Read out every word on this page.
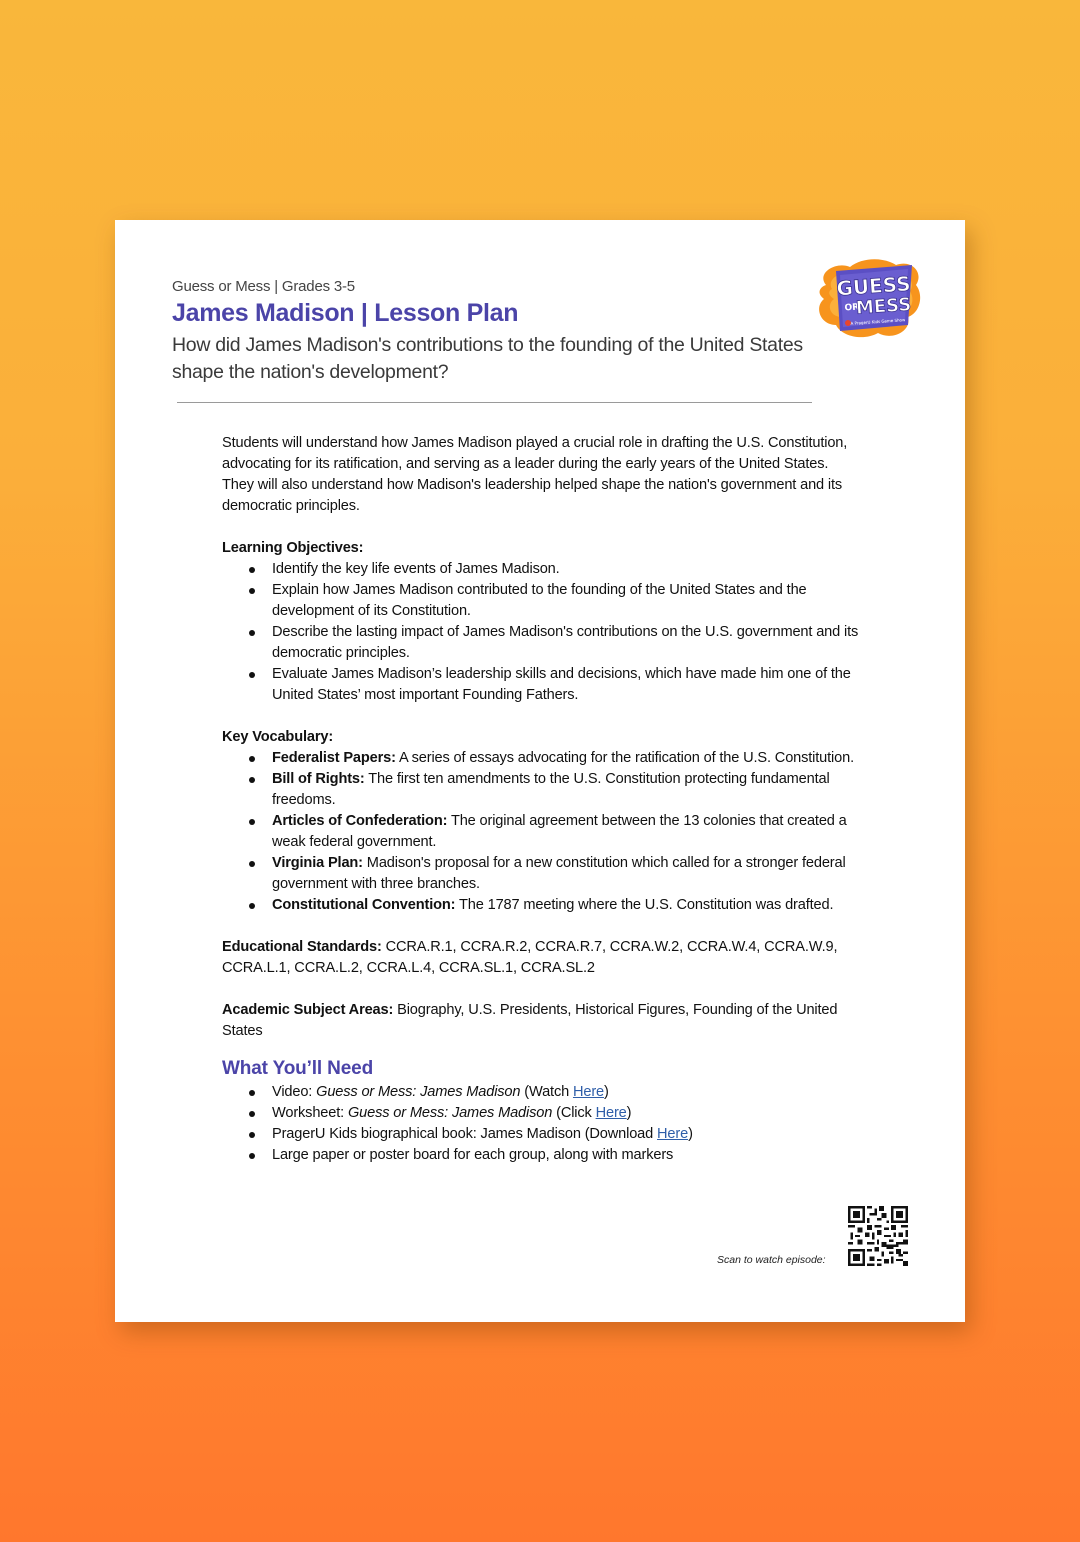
Guess or Mess | Grades 3-5
James Madison | Lesson Plan
How did James Madison's contributions to the founding of the United States shape the nation's development?
GUESS
OR
MESS
A PragerU Kids Game Show

Students will understand how James Madison played a crucial role in drafting the U.S. Constitution, advocating for its ratification, and serving as a leader during the early years of the United States. They will also understand how Madison's leadership helped shape the nation's government and its democratic principles.

Learning Objectives:

Identify the key life events of James Madison.
Explain how James Madison contributed to the founding of the United States and the development of its Constitution.
Describe the lasting impact of James Madison's contributions on the U.S. government and its democratic principles.
Evaluate James Madison’s leadership skills and decisions, which have made him one of the United States’ most important Founding Fathers.

Key Vocabulary:

Federalist Papers: A series of essays advocating for the ratification of the U.S. Constitution.
Bill of Rights: The first ten amendments to the U.S. Constitution protecting fundamental freedoms.
Articles of Confederation: The original agreement between the 13 colonies that created a weak federal government.
Virginia Plan: Madison's proposal for a new constitution which called for a stronger federal government with three branches.
Constitutional Convention: The 1787 meeting where the U.S. Constitution was drafted.

Educational Standards: CCRA.R.1, CCRA.R.2, CCRA.R.7, CCRA.W.2, CCRA.W.4, CCRA.W.9, CCRA.L.1, CCRA.L.2, CCRA.L.4, CCRA.SL.1, CCRA.SL.2

Academic Subject Areas: Biography, U.S. Presidents, Historical Figures, Founding of the United States

What You’ll Need
Video: Guess or Mess: James Madison (Watch Here)
Worksheet: Guess or Mess: James Madison (Click Here)
PragerU Kids biographical book: James Madison (Download Here)
Large paper or poster board for each group, along with markers
Scan to watch episode:
